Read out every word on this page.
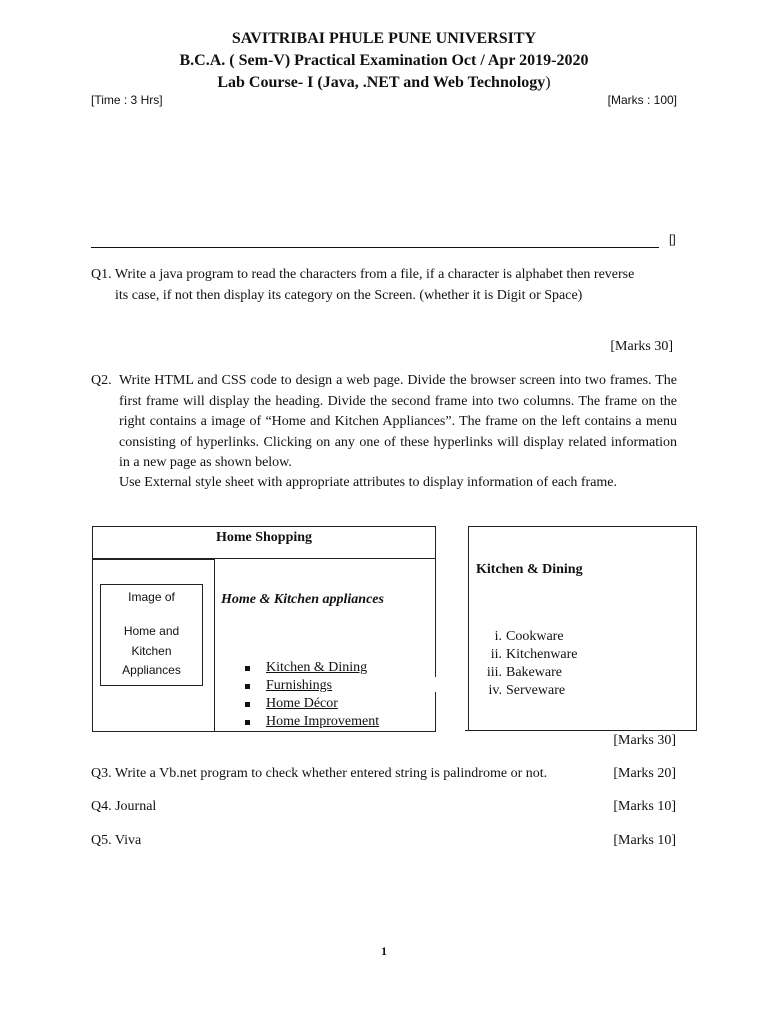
SAVITRIBAI PHULE PUNE UNIVERSITY
B.C.A. ( Sem-V) Practical Examination Oct / Apr 2019-2020
Lab Course- I (Java, .NET and Web Technology)
[Time : 3 Hrs]	[Marks : 100]
[]
Q1. Write a java program to read the characters from a file, if a character is alphabet then reverse
its case, if not then display its category on the Screen. (whether it is Digit or Space)
[Marks 30]
Q2. Write HTML and CSS code to design a web page. Divide the browser screen into two frames. The first frame will display the heading. Divide the second frame into two columns. The frame on the right contains a image of “Home and Kitchen Appliances”. The frame on the left contains a menu consisting of hyperlinks. Clicking on any one of these hyperlinks will display related information in a new page as shown below.
Use External style sheet with appropriate attributes to display information of each frame.
Home Shopping
Image of
Home and
Kitchen
Appliances
Home & Kitchen appliances
Kitchen & Dining
Furnishings
Home Décor
Home Improvement
Kitchen & Dining
i. Cookware
ii. Kitchenware
iii. Bakeware
iv. Serveware
[Marks 30]
Q3. Write a Vb.net program to check whether entered string is palindrome or not.	[Marks 20]
Q4. Journal	[Marks 10]
Q5. Viva	[Marks 10]
1
